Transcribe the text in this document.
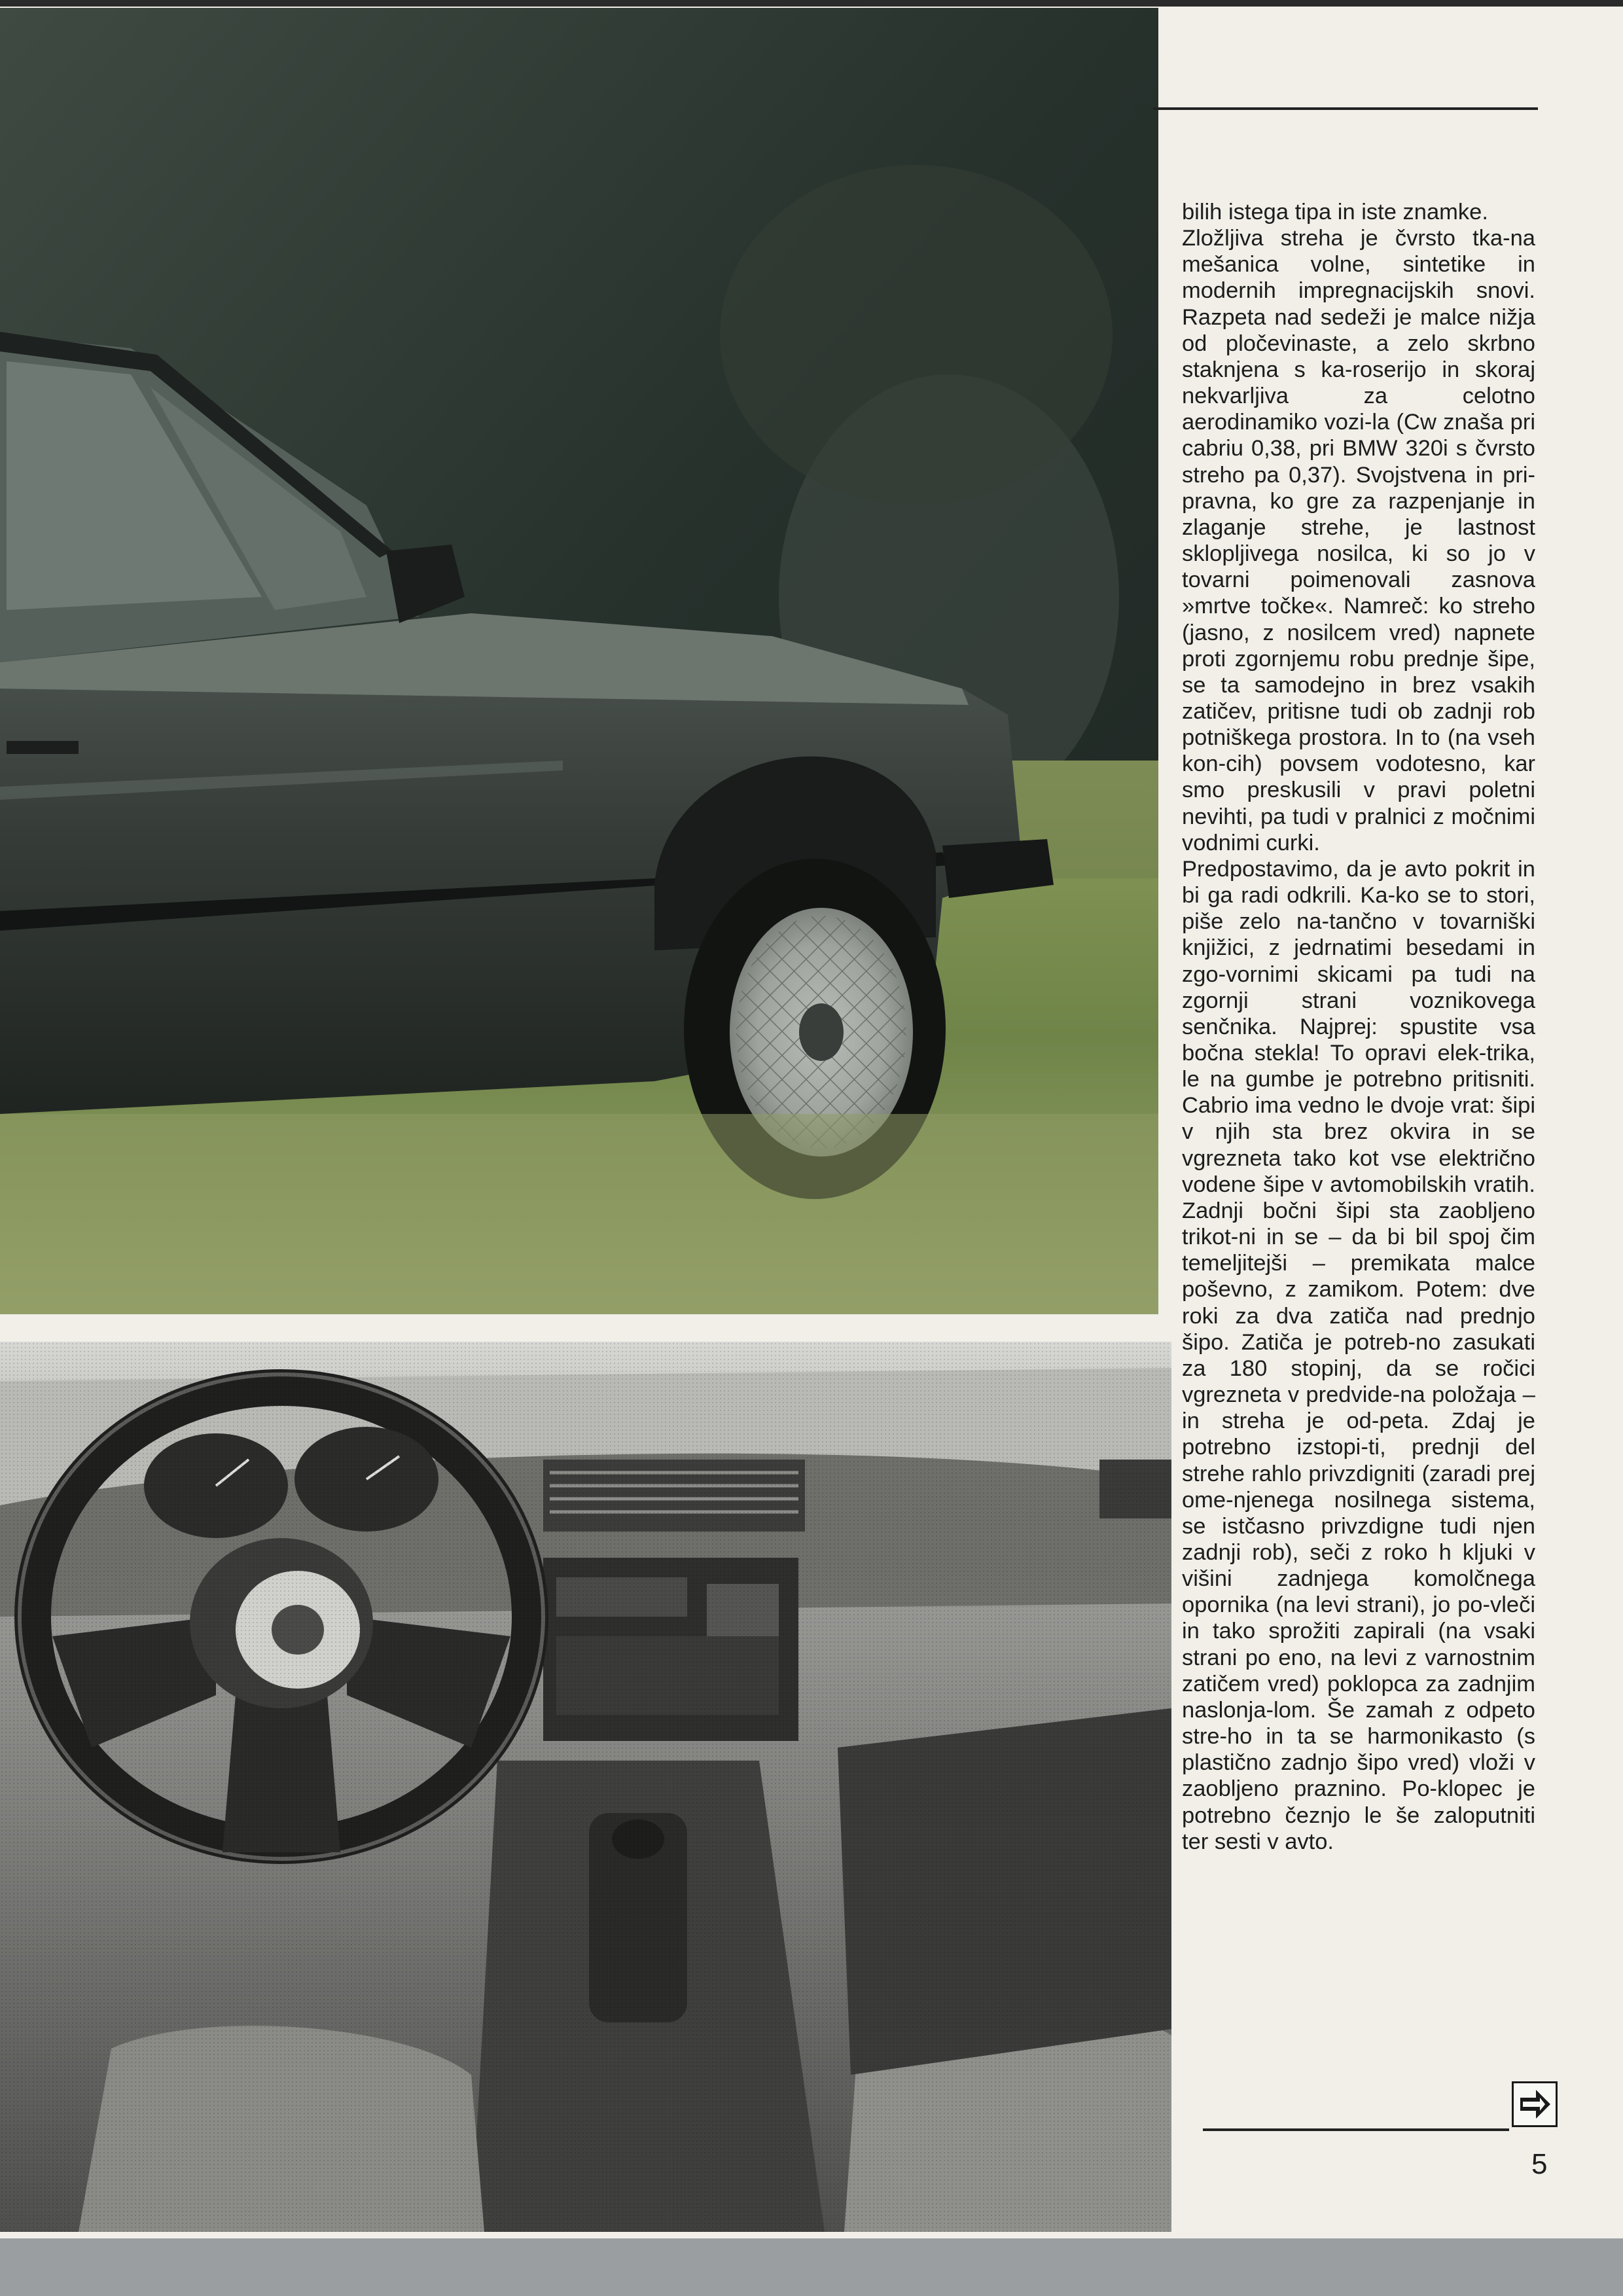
bilih istega tipa in iste znamke.
Zložljiva streha je čvrsto tka-na mešanica volne, sintetike in modernih impregnacijskih snovi. Razpeta nad sedeži je malce nižja od pločevinaste, a zelo skrbno staknjena s ka-roserijo in skoraj nekvarljiva za celotno aerodinamiko vozi-la (Cw znaša pri cabriu 0,38, pri BMW 320i s čvrsto streho pa 0,37). Svojstvena in pri-pravna, ko gre za razpenjanje in zlaganje strehe, je lastnost sklopljivega nosilca, ki so jo v tovarni poimenovali zasnova »mrtve točke«. Namreč: ko streho (jasno, z nosilcem vred) napnete proti zgornjemu robu prednje šipe, se ta samodejno in brez vsakih zatičev, pritisne tudi ob zadnji rob potniškega prostora. In to (na vseh kon-cih) povsem vodotesno, kar smo preskusili v pravi poletni nevihti, pa tudi v pralnici z močnimi vodnimi curki.
Predpostavimo, da je avto pokrit in bi ga radi odkrili. Ka-ko se to stori, piše zelo na-tančno v tovarniški knjižici, z jedrnatimi besedami in zgo-vornimi skicami pa tudi na zgornji strani voznikovega senčnika. Najprej: spustite vsa bočna stekla! To opravi elek-trika, le na gumbe je potrebno pritisniti. Cabrio ima vedno le dvoje vrat: šipi v njih sta brez okvira in se vgrezneta tako kot vse električno vodene šipe v avtomobilskih vratih. Zadnji bočni šipi sta zaobljeno trikot-ni in se – da bi bil spoj čim temeljitejši – premikata malce poševno, z zamikom. Potem: dve roki za dva zatiča nad prednjo šipo. Zatiča je potreb-no zasukati za 180 stopinj, da se ročici vgrezneta v predvide-na položaja – in streha je od-peta. Zdaj je potrebno izstopi-ti, prednji del strehe rahlo privzdigniti (zaradi prej ome-njenega nosilnega sistema, se istčasno privzdigne tudi njen zadnji rob), seči z roko h kljuki v višini zadnjega komolčnega opornika (na levi strani), jo po-vleči in tako sprožiti zapirali (na vsaki strani po eno, na levi z varnostnim zatičem vred) poklopca za zadnjim naslonja-lom. Še zamah z odpeto stre-ho in ta se harmonikasto (s plastično zadnjo šipo vred) vloži v zaobljeno praznino. Po-klopec je potrebno čeznjo le še zaloputniti ter sesti v avto.

5
